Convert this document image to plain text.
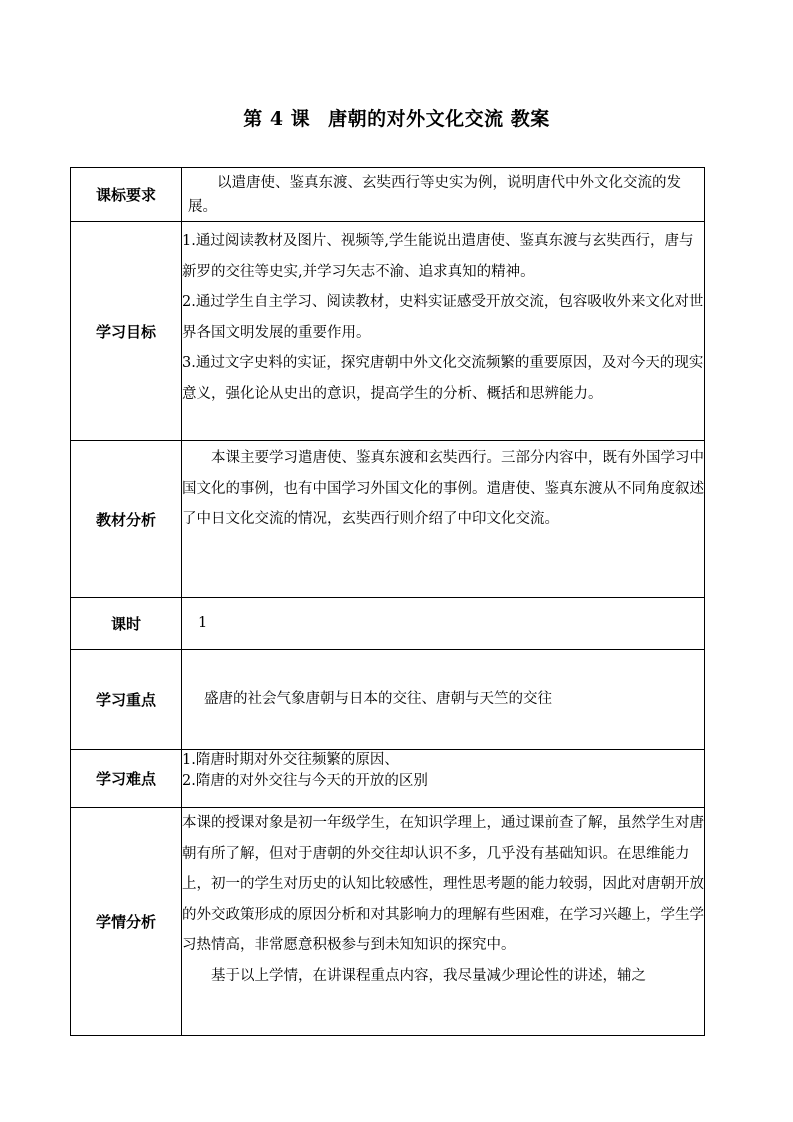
第 4 课 唐朝的对外文化交流 教案
课标要求	以遣唐使、鉴真东渡、玄奘西行等史实为例，说明唐代中外文化交流的发展。

学习目标	1.通过阅读教材及图片、视频等,学生能说出遣唐使、鉴真东渡与玄奘西行，唐与新罗的交往等史实,并学习矢志不渝、追求真知的精神。

2.通过学生自主学习、阅读教材，史料实证感受开放交流，包容吸收外来文化对世界各国文明发展的重要作用。

3.通过文字史料的实证，探究唐朝中外文化交流频繁的重要原因，及对今天的现实意义，强化论从史出的意识，提高学生的分析、概括和思辨能力。

教材分析	本课主要学习遣唐使、鉴真东渡和玄奘西行。三部分内容中，既有外国学习中国文化的事例，也有中国学习外国文化的事例。遣唐使、鉴真东渡从不同角度叙述了中日文化交流的情况，玄奘西行则介绍了中印文化交流。

课时	1
学习重点	盛唐的社会气象唐朝与日本的交往、唐朝与天竺的交往
学习难点	1.隋唐时期对外交往频繁的原因、

2.隋唐的对外交往与今天的开放的区别

学情分析	本课的授课对象是初一年级学生，在知识学理上，通过课前查了解，虽然学生对唐朝有所了解，但对于唐朝的外交往却认识不多，几乎没有基础知识。在思维能力上，初一的学生对历史的认知比较感性，理性思考题的能力较弱，因此对唐朝开放的外交政策形成的原因分析和对其影响力的理解有些困难，在学习兴趣上，学生学习热情高，非常愿意积极参与到未知知识的探究中。

基于以上学情，在讲课程重点内容，我尽量减少理论性的讲述，辅之
